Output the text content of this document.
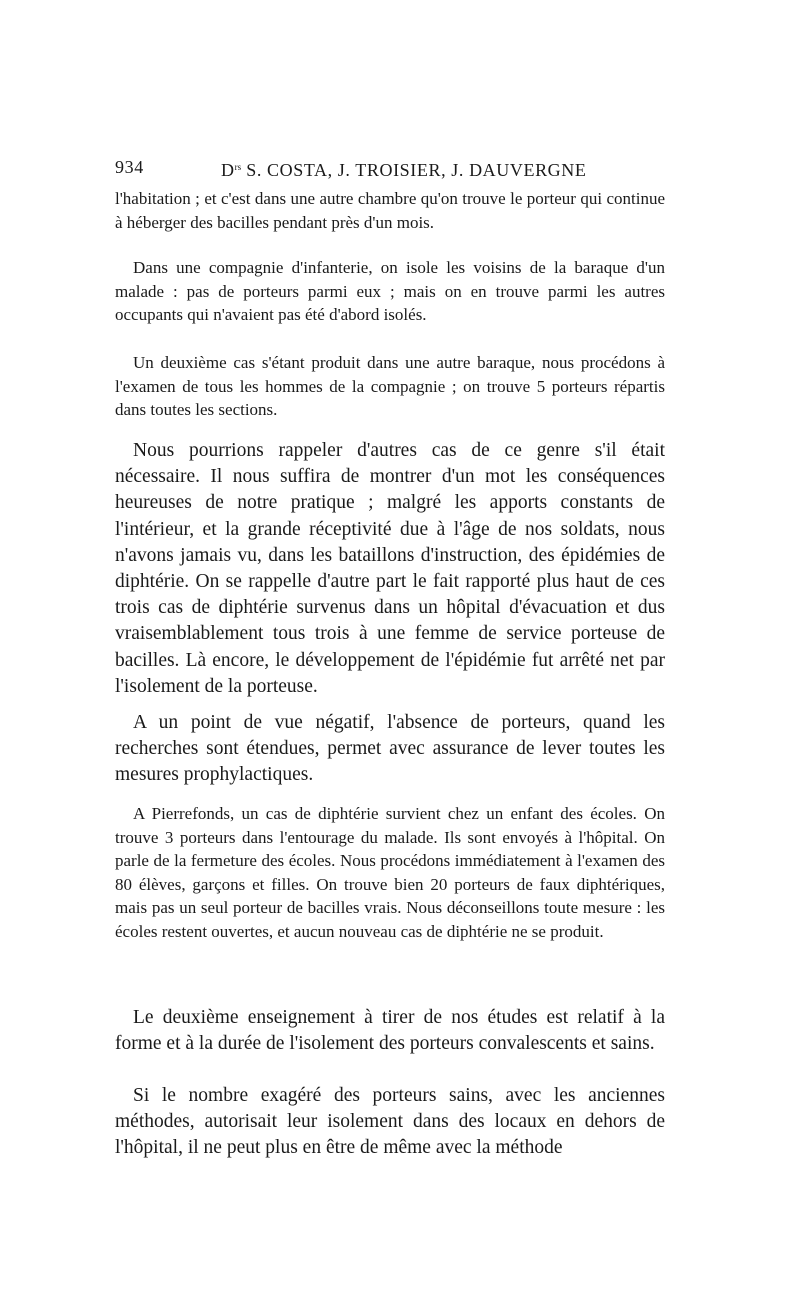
934	$D^{rs}$ S. COSTA, J. TROISIER, J. DAUVERGNE

l'habitation ; et c'est dans une autre chambre qu'on trouve le porteur qui continue à héberger des bacilles pendant près d'un mois.

Dans une compagnie d'infanterie, on isole les voisins de la baraque d'un malade : pas de porteurs parmi eux ; mais on en trouve parmi les autres occupants qui n'avaient pas été d'abord isolés.

Un deuxième cas s'étant produit dans une autre baraque, nous procédons à l'examen de tous les hommes de la compagnie ; on trouve 5 porteurs répartis dans toutes les sections.

Nous pourrions rappeler d'autres cas de ce genre s'il était nécessaire. Il nous suffira de montrer d'un mot les conséquences heureuses de notre pratique ; malgré les apports constants de l'intérieur, et la grande réceptivité due à l'âge de nos soldats, nous n'avons jamais vu, dans les bataillons d'instruction, des épidémies de diphtérie. On se rappelle d'autre part le fait rapporté plus haut de ces trois cas de diphtérie survenus dans un hôpital d'évacuation et dus vraisemblablement tous trois à une femme de service porteuse de bacilles. Là encore, le développement de l'épidémie fut arrêté net par l'isolement de la porteuse.

A un point de vue négatif, l'absence de porteurs, quand les recherches sont étendues, permet avec assurance de lever toutes les mesures prophylactiques.

A Pierrefonds, un cas de diphtérie survient chez un enfant des écoles. On trouve 3 porteurs dans l'entourage du malade. Ils sont envoyés à l'hôpital. On parle de la fermeture des écoles. Nous procédons immédiatement à l'examen des 80 élèves, garçons et filles. On trouve bien 20 porteurs de faux diphtériques, mais pas un seul porteur de bacilles vrais. Nous déconseillons toute mesure : les écoles restent ouvertes, et aucun nouveau cas de diphtérie ne se produit.

Le deuxième enseignement à tirer de nos études est relatif à la forme et à la durée de l'isolement des porteurs convalescents et sains.

Si le nombre exagéré des porteurs sains, avec les anciennes méthodes, autorisait leur isolement dans des locaux en dehors de l'hôpital, il ne peut plus en être de même avec la méthode
